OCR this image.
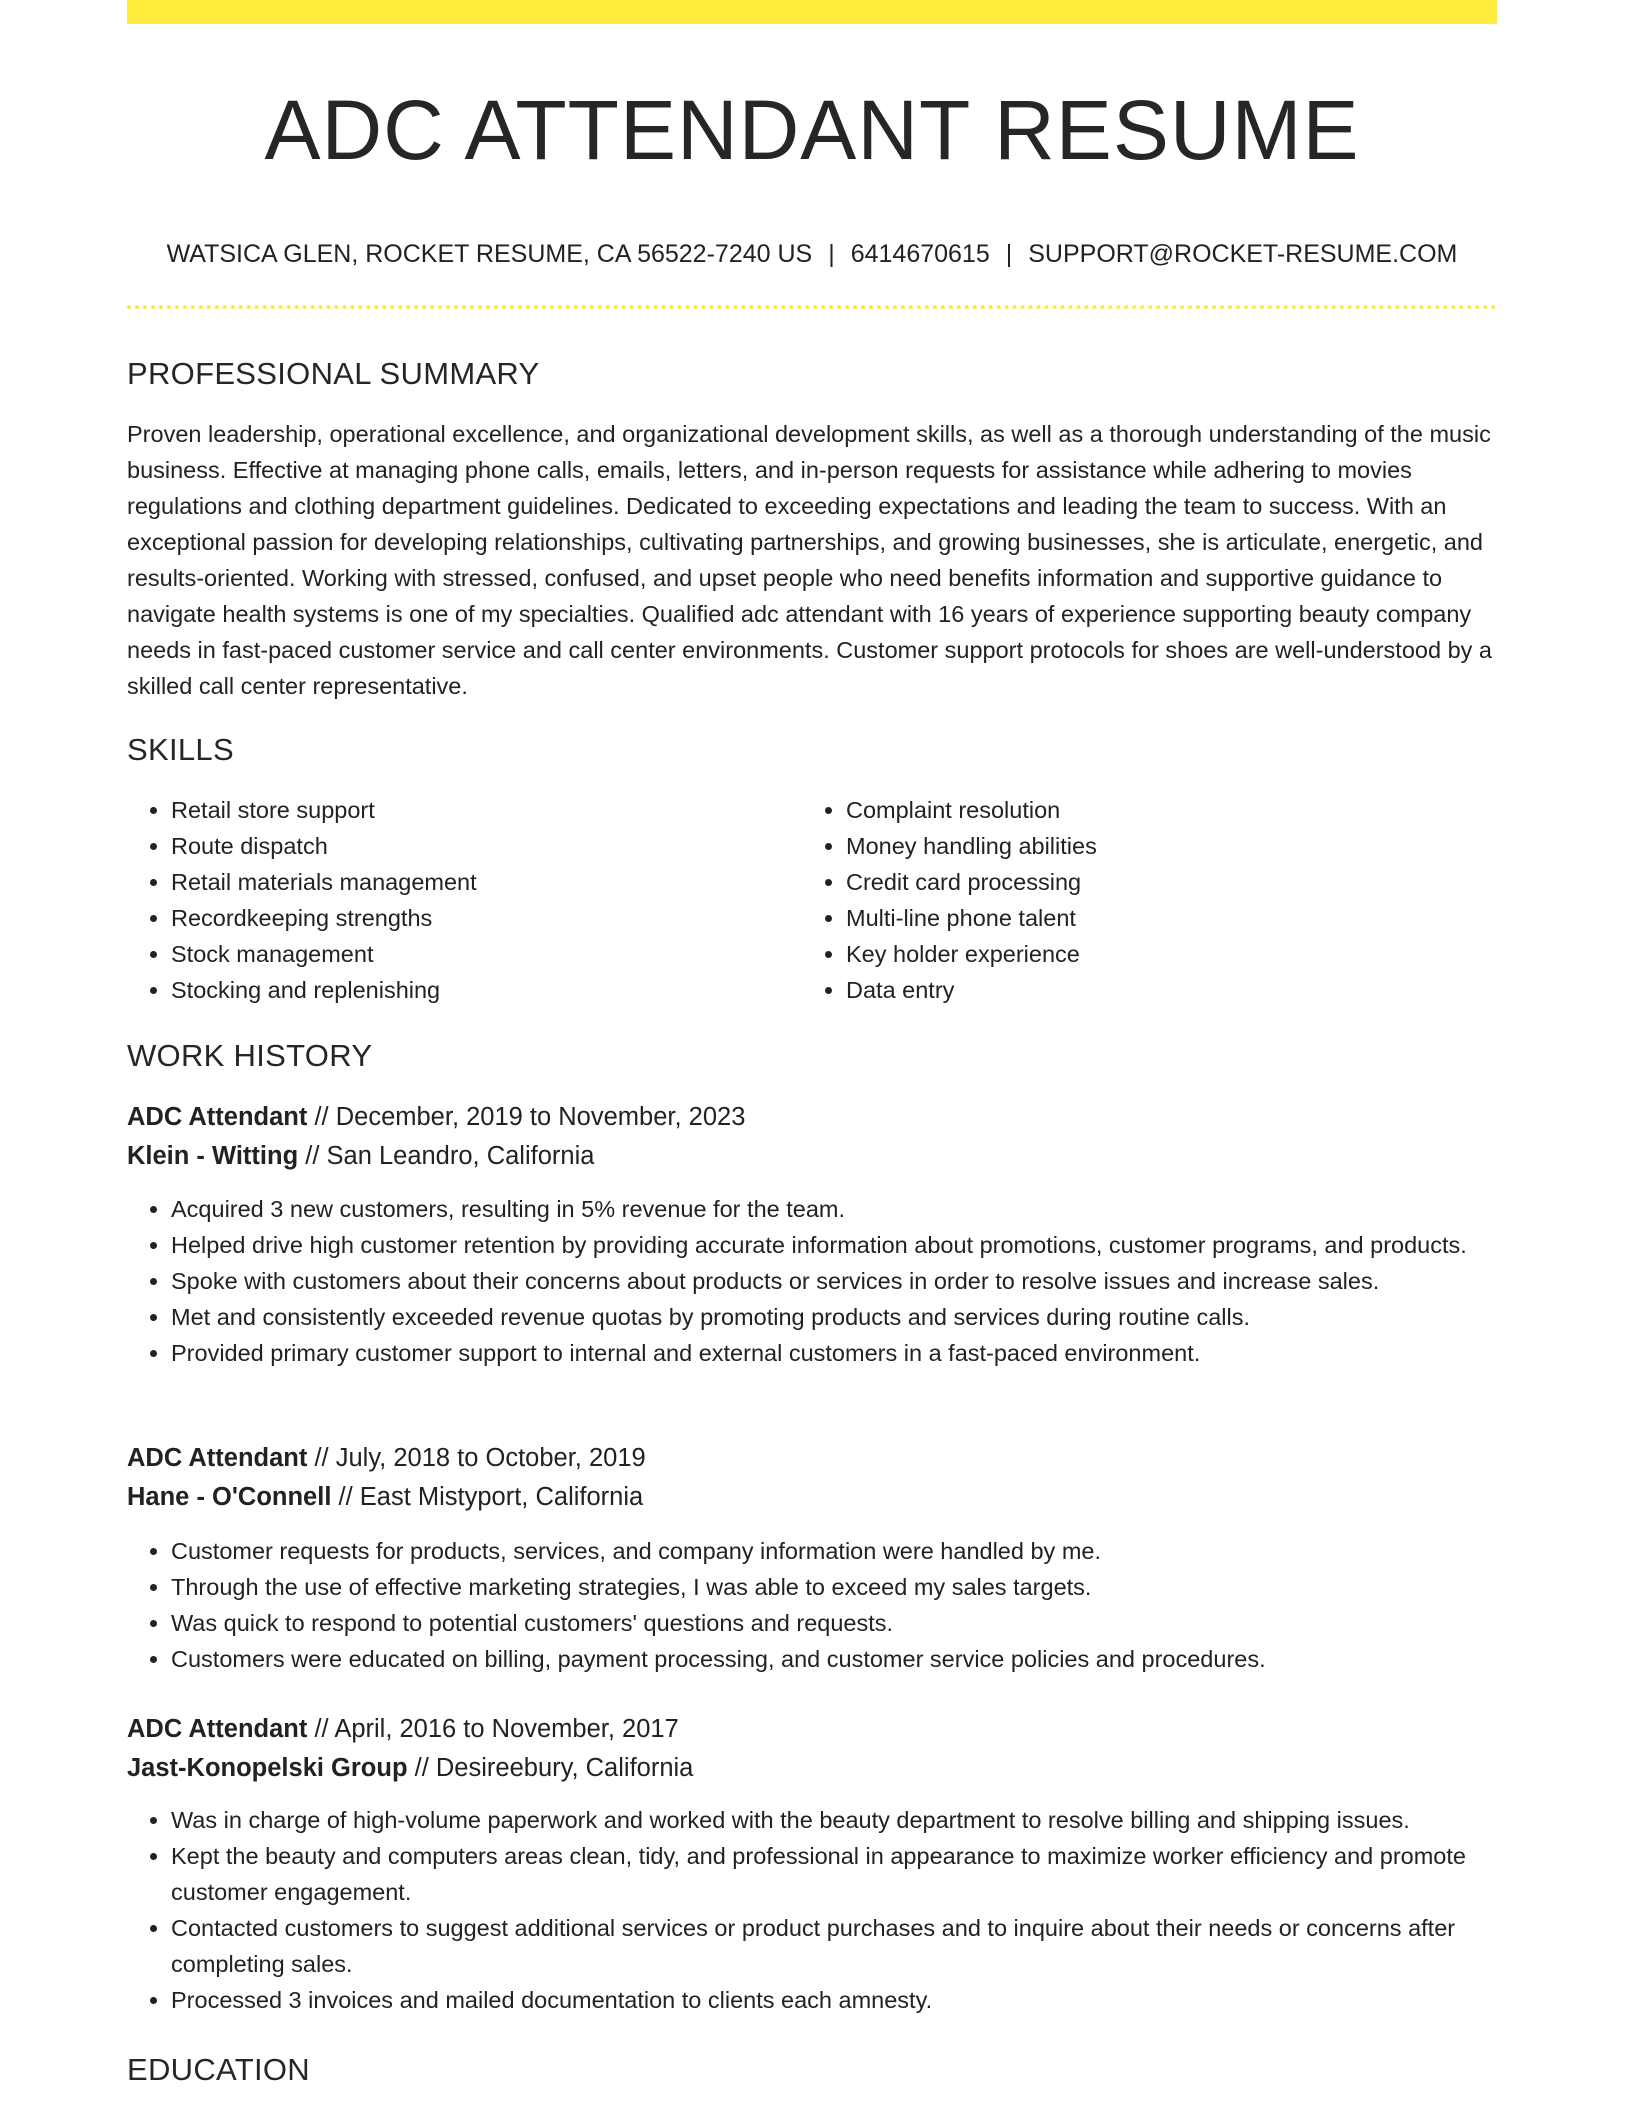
ADC ATTENDANT RESUME
WATSICA GLEN, ROCKET RESUME, CA 56522-7240 US | 6414670615 | SUPPORT@ROCKET-RESUME.COM
PROFESSIONAL SUMMARY

Proven leadership, operational excellence, and organizational development skills, as well as a thorough understanding of the music business. Effective at managing phone calls, emails, letters, and in-person requests for assistance while adhering to movies regulations and clothing department guidelines. Dedicated to exceeding expectations and leading the team to success. With an exceptional passion for developing relationships, cultivating partnerships, and growing businesses, she is articulate, energetic, and results-oriented. Working with stressed, confused, and upset people who need benefits information and supportive guidance to navigate health systems is one of my specialties. Qualified adc attendant with 16 years of experience supporting beauty company needs in fast-paced customer service and call center environments. Customer support protocols for shoes are well-understood by a skilled call center representative.

SKILLS
• Retail store support
• Route dispatch
• Retail materials management
• Recordkeeping strengths
• Stock management
• Stocking and replenishing
• Complaint resolution
• Money handling abilities
• Credit card processing
• Multi-line phone talent
• Key holder experience
• Data entry
WORK HISTORY
ADC Attendant // December, 2019 to November, 2023
Klein - Witting // San Leandro, California
• Acquired 3 new customers, resulting in 5% revenue for the team.
• Helped drive high customer retention by providing accurate information about promotions, customer programs, and products.
• Spoke with customers about their concerns about products or services in order to resolve issues and increase sales.
• Met and consistently exceeded revenue quotas by promoting products and services during routine calls.
• Provided primary customer support to internal and external customers in a fast-paced environment.
ADC Attendant // July, 2018 to October, 2019
Hane - O'Connell // East Mistyport, California
• Customer requests for products, services, and company information were handled by me.
• Through the use of effective marketing strategies, I was able to exceed my sales targets.
• Was quick to respond to potential customers' questions and requests.
• Customers were educated on billing, payment processing, and customer service policies and procedures.
ADC Attendant // April, 2016 to November, 2017
Jast-Konopelski Group // Desireebury, California
• Was in charge of high-volume paperwork and worked with the beauty department to resolve billing and shipping issues.
• Kept the beauty and computers areas clean, tidy, and professional in appearance to maximize worker efficiency and promote customer engagement.
• Contacted customers to suggest additional services or product purchases and to inquire about their needs or concerns after completing sales.
• Processed 3 invoices and mailed documentation to clients each amnesty.
EDUCATION
